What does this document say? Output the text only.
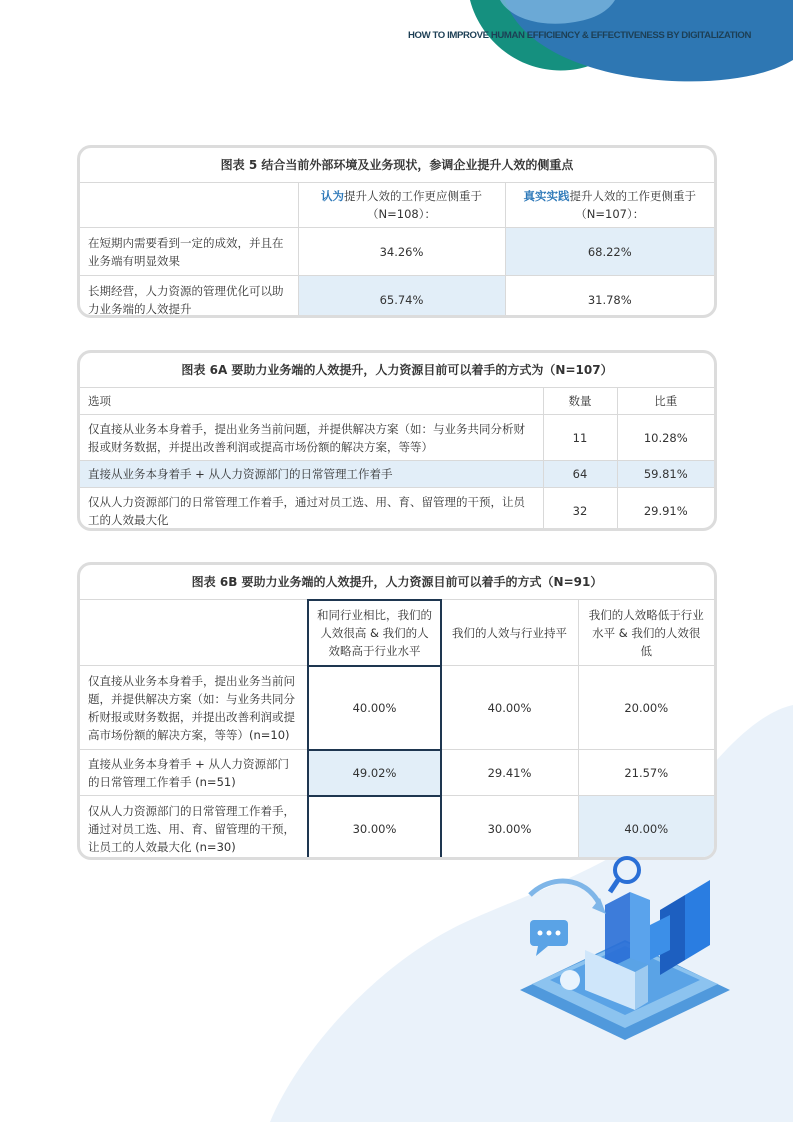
HOW TO IMPROVE HUMAN EFFICIENCY & EFFECTIVENESS BY DIGITALIZATION
图表 5 结合当前外部环境及业务现状，参调企业提升人效的侧重点		
	认为提升人效的工作更应侧重于（N=108）：	真实实践提升人效的工作更侧重于（N=107）：
在短期内需要看到一定的成效，并且在业务端有明显效果	34.26%	68.22%
长期经营，人力资源的管理优化可以助力业务端的人效提升	65.74%	31.78%
图表 6A 要助力业务端的人效提升，人力资源目前可以着手的方式为（N=107）		
选项	数量	比重
仅直接从业务本身着手，提出业务当前问题，并提供解决方案（如：与业务共同分析财报或财务数据，并提出改善利润或提高市场份额的解决方案，等等）	11	10.28%
直接从业务本身着手 + 从人力资源部门的日常管理工作着手	64	59.81%
仅从人力资源部门的日常管理工作着手，通过对员工选、用、育、留管理的干预，让员工的人效最大化	32	29.91%
图表 6B 要助力业务端的人效提升，人力资源目前可以着手的方式（N=91）			
	和同行业相比，我们的人效很高 & 我们的人效略高于行业水平	我们的人效与行业持平	我们的人效略低于行业水平 & 我们的人效很低
仅直接从业务本身着手，提出业务当前问题，并提供解决方案（如：与业务共同分析财报或财务数据，并提出改善利润或提高市场份额的解决方案，等等）(n=10)	40.00%	40.00%	20.00%
直接从业务本身着手 + 从人力资源部门的日常管理工作着手 (n=51)	49.02%	29.41%	21.57%
仅从人力资源部门的日常管理工作着手，通过对员工选、用、育、留管理的干预，让员工的人效最大化 (n=30)	30.00%	30.00%	40.00%
